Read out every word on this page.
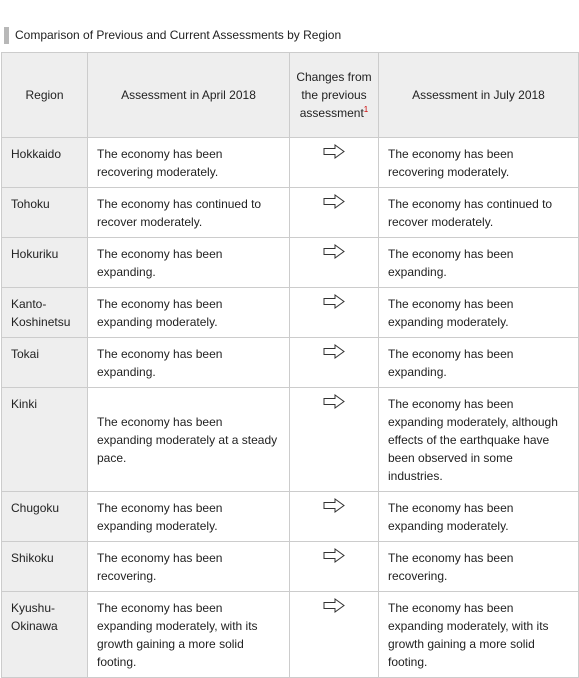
Comparison of Previous and Current Assessments by Region
Region	Assessment in April 2018	Changes from the previous assessment$^1$	Assessment in July 2018
Hokkaido	The economy has been recovering moderately.		The economy has been recovering moderately.
Tohoku	The economy has continued to recover moderately.		The economy has continued to recover moderately.
Hokuriku	The economy has been expanding.		The economy has been expanding.
Kanto-Koshinetsu	The economy has been expanding moderately.		The economy has been expanding moderately.
Tokai	The economy has been expanding.		The economy has been expanding.
Kinki	The economy has been expanding moderately at a steady pace.		The economy has been expanding moderately, although effects of the earthquake have been observed in some industries.
Chugoku	The economy has been expanding moderately.		The economy has been expanding moderately.
Shikoku	The economy has been recovering.		The economy has been recovering.
Kyushu-Okinawa	The economy has been expanding moderately, with its growth gaining a more solid footing.		The economy has been expanding moderately, with its growth gaining a more solid footing.
